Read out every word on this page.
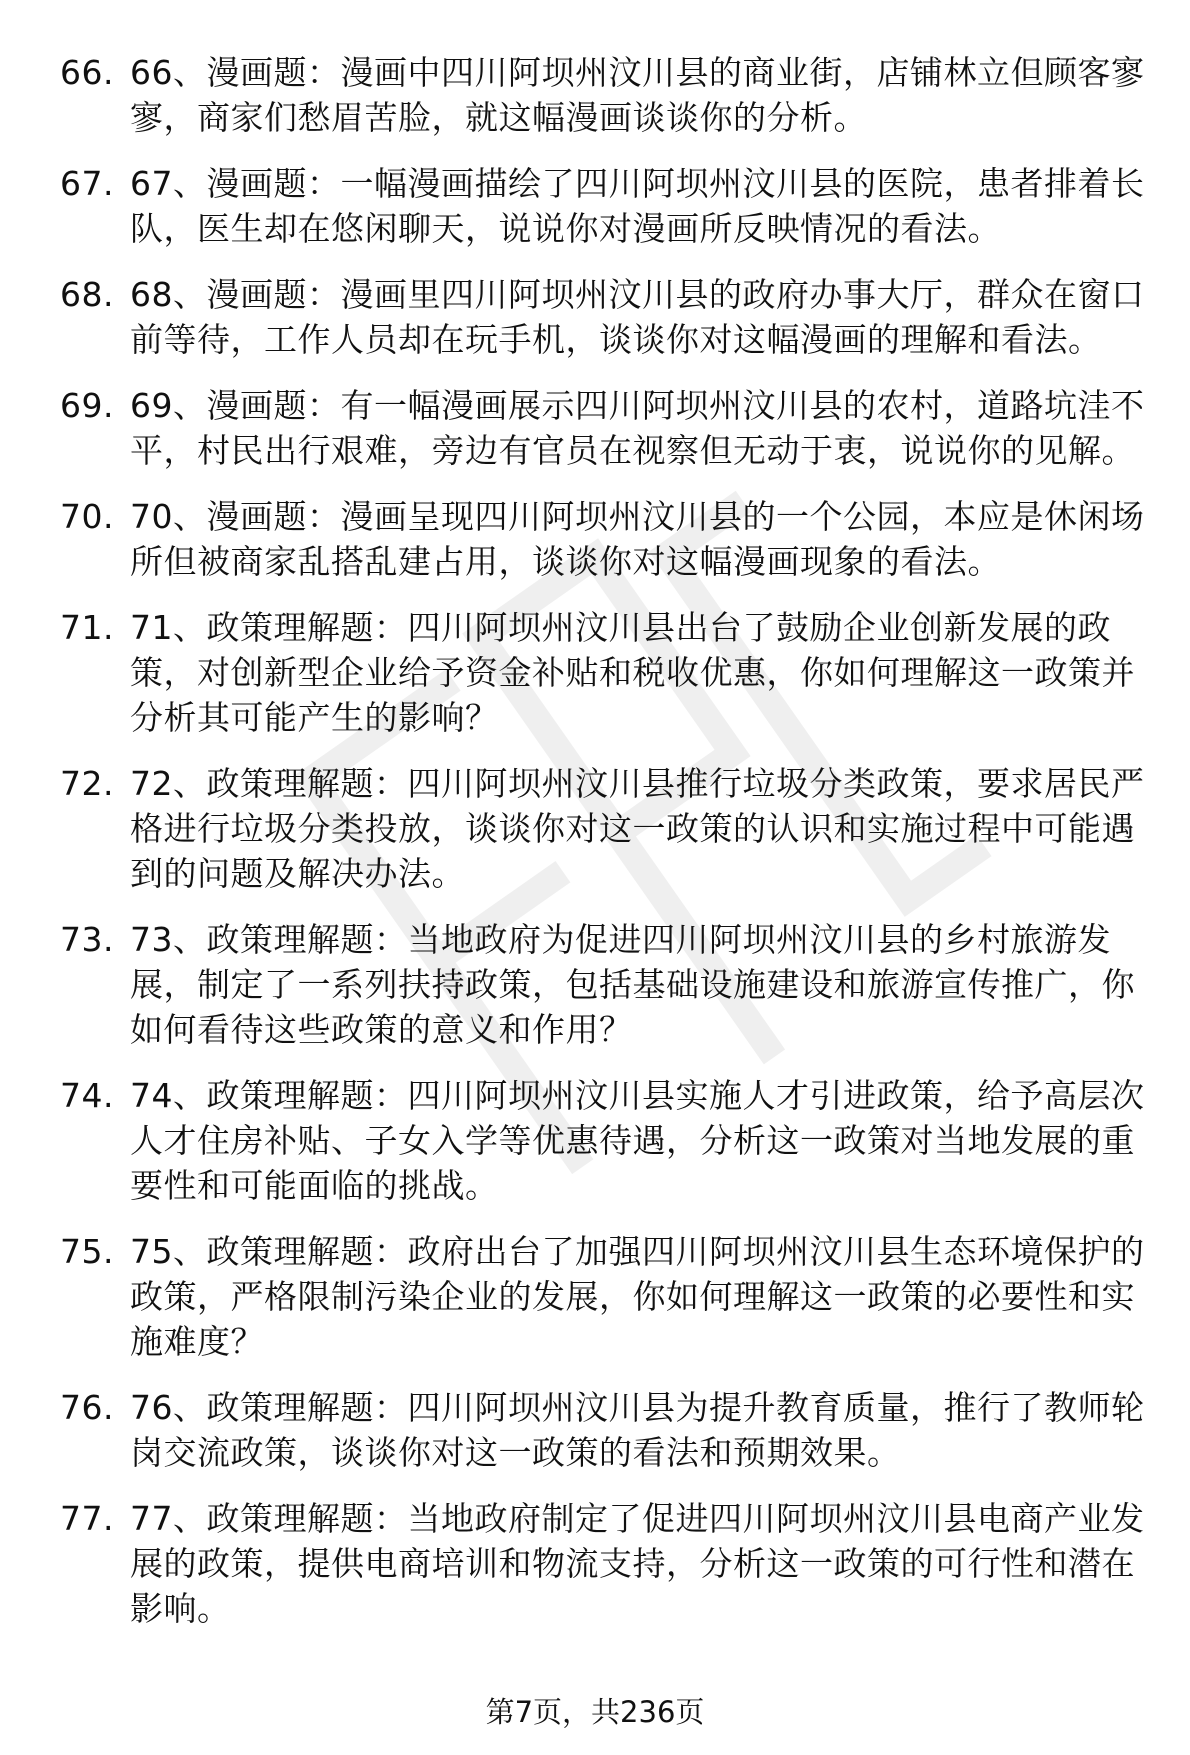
66. 66、漫画题：漫画中四川阿坝州汶川县的商业街，店铺林立但顾客寥寥，商家们愁眉苦脸，就这幅漫画谈谈你的分析。
67. 67、漫画题：一幅漫画描绘了四川阿坝州汶川县的医院，患者排着长队，医生却在悠闲聊天，说说你对漫画所反映情况的看法。
68. 68、漫画题：漫画里四川阿坝州汶川县的政府办事大厅，群众在窗口前等待，工作人员却在玩手机，谈谈你对这幅漫画的理解和看法。
69. 69、漫画题：有一幅漫画展示四川阿坝州汶川县的农村，道路坑洼不平，村民出行艰难，旁边有官员在视察但无动于衷，说说你的见解。
70. 70、漫画题：漫画呈现四川阿坝州汶川县的一个公园，本应是休闲场所但被商家乱搭乱建占用，谈谈你对这幅漫画现象的看法。
71. 71、政策理解题：四川阿坝州汶川县出台了鼓励企业创新发展的政策，对创新型企业给予资金补贴和税收优惠，你如何理解这一政策并分析其可能产生的影响？
72. 72、政策理解题：四川阿坝州汶川县推行垃圾分类政策，要求居民严格进行垃圾分类投放，谈谈你对这一政策的认识和实施过程中可能遇到的问题及解决办法。
73. 73、政策理解题：当地政府为促进四川阿坝州汶川县的乡村旅游发展，制定了一系列扶持政策，包括基础设施建设和旅游宣传推广，你如何看待这些政策的意义和作用？
74. 74、政策理解题：四川阿坝州汶川县实施人才引进政策，给予高层次人才住房补贴、子女入学等优惠待遇，分析这一政策对当地发展的重要性和可能面临的挑战。
75. 75、政策理解题：政府出台了加强四川阿坝州汶川县生态环境保护的政策，严格限制污染企业的发展，你如何理解这一政策的必要性和实施难度？
76. 76、政策理解题：四川阿坝州汶川县为提升教育质量，推行了教师轮岗交流政策，谈谈你对这一政策的看法和预期效果。
77. 77、政策理解题：当地政府制定了促进四川阿坝州汶川县电商产业发展的政策，提供电商培训和物流支持，分析这一政策的可行性和潜在影响。
第7页，共236页
